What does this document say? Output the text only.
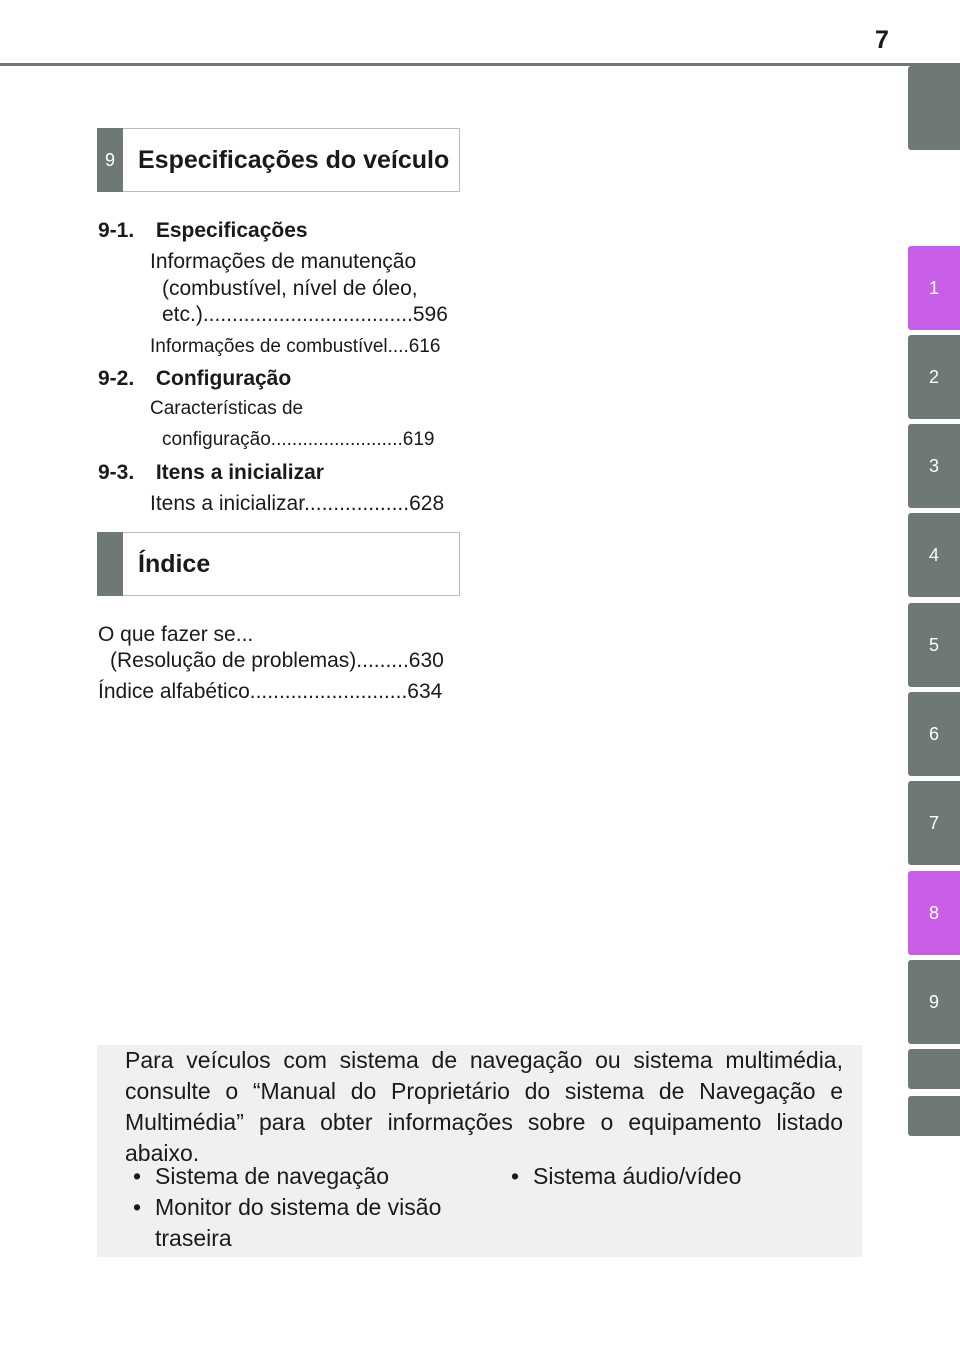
7
1
2
3
4
5
6
7
8
9
9 Especificações do veículo
9-1. Especificações
Informações de manutenção
(combustível, nível de óleo,
etc.)....................................596
Informações de combustível....616
9-2. Configuração
Características de
configuração.........................619
9-3. Itens a inicializar
Itens a inicializar..................628
Índice
O que fazer se...
(Resolução de problemas).........630
Índice alfabético...........................634
Para veículos com sistema de navegação ou sistema multimédia, consulte o “Manual do Proprietário do sistema de Navegação e Multimédia” para obter informações sobre o equipamento listado abaixo.
• Sistema de navegação
• Monitor do sistema de visão
traseira
• Sistema áudio/vídeo
